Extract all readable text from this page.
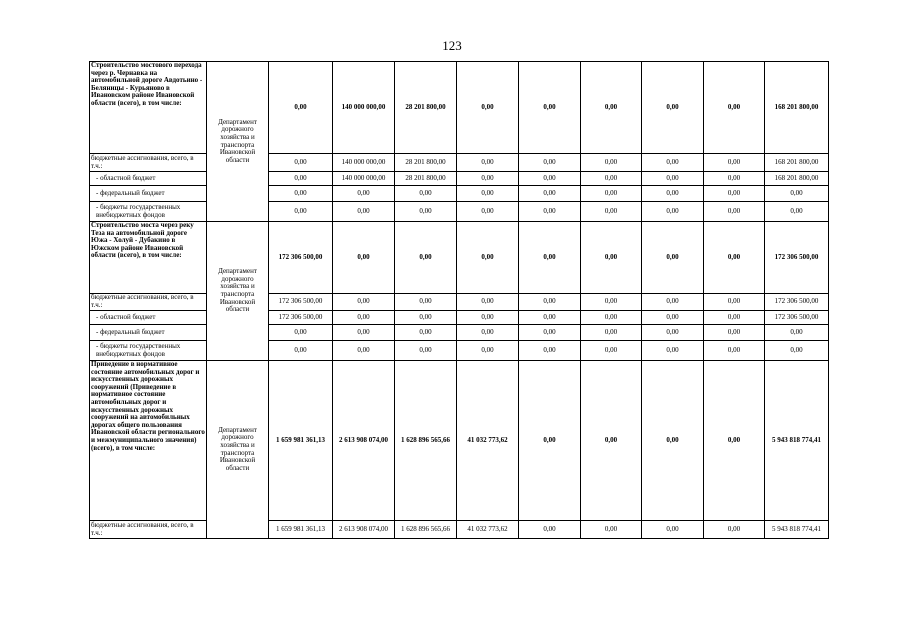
123
Строительство мостового перехода через р. Чернавка на автомобильной дороге Авдотьино - Беляницы - Курьяново в Ивановском районе Ивановской области (всего), в том числе:	Департамент дорожного хозяйства и транспорта Ивановской области	0,00	140 000 000,00	28 201 800,00	0,00	0,00	0,00	0,00	0,00	168 201 800,00
бюджетные ассигнования, всего, в т.ч.:		0,00	140 000 000,00	28 201 800,00	0,00	0,00	0,00	0,00	0,00	168 201 800,00
- областной бюджет		0,00	140 000 000,00	28 201 800,00	0,00	0,00	0,00	0,00	0,00	168 201 800,00
- федеральный бюджет		0,00	0,00	0,00	0,00	0,00	0,00	0,00	0,00	0,00
- бюджеты государственных внебюджетных фондов		0,00	0,00	0,00	0,00	0,00	0,00	0,00	0,00	0,00
Строительство моста через реку Теза на автомобильной дороге Южа - Холуй - Дубакино в Южском районе Ивановской области (всего), в том числе:	Департамент дорожного хозяйства и транспорта Ивановской области	172 306 500,00	0,00	0,00	0,00	0,00	0,00	0,00	0,00	172 306 500,00
бюджетные ассигнования, всего, в т.ч.:		172 306 500,00	0,00	0,00	0,00	0,00	0,00	0,00	0,00	172 306 500,00
- областной бюджет		172 306 500,00	0,00	0,00	0,00	0,00	0,00	0,00	0,00	172 306 500,00
- федеральный бюджет		0,00	0,00	0,00	0,00	0,00	0,00	0,00	0,00	0,00
- бюджеты государственных внебюджетных фондов		0,00	0,00	0,00	0,00	0,00	0,00	0,00	0,00	0,00
Приведение в нормативное состояние автомобильных дорог и искусственных дорожных сооружений (Приведение в нормативное состояние автомобильных дорог и искусственных дорожных сооружений на автомобильных дорогах общего пользования Ивановской области регионального и межмуниципального значения) (всего), в том числе:	Департамент дорожного хозяйства и транспорта Ивановской области	1 659 981 361,13	2 613 908 074,00	1 628 896 565,66	41 032 773,62	0,00	0,00	0,00	0,00	5 943 818 774,41
бюджетные ассигнования, всего, в т.ч.:		1 659 981 361,13	2 613 908 074,00	1 628 896 565,66	41 032 773,62	0,00	0,00	0,00	0,00	5 943 818 774,41
